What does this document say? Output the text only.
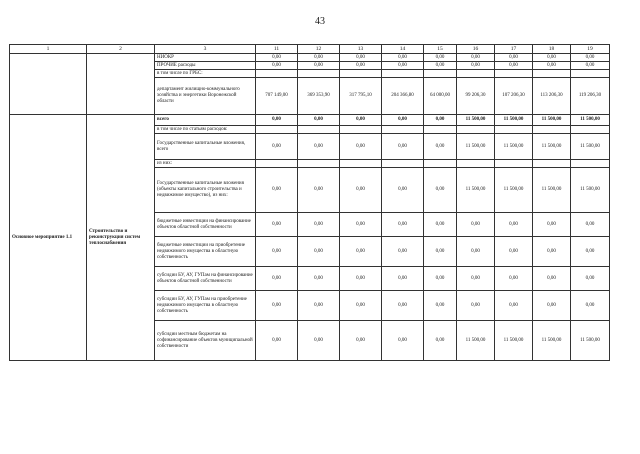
43
1	2	3	11	12	13	14	15	16	17	18	19
		НИОКР	0,00	0,00	0,00	0,00	0,00	0,00	0,00	0,00	0,00
		ПРОЧИЕ расходы	0,00	0,00	0,00	0,00	0,00	0,00	0,00	0,00	0,00
		в том числе по ГРБС:									
		департамент жилищно-коммунального хозяйства и энергетики Воронежской области	707 149,00	369 353,90	317 795,10	204 366,80	64 000,00	99 206,30	107 206,30	113 206,30	119 206,30
Основное мероприятие 1.1	Строительство и реконструкция систем теплоснабжения	всего	0,00	0,00	0,00	0,00	0,00	11 500,00	11 500,00	11 500,00	11 500,00
		в том числе по статьям расходов:									
		Государственные капитальные вложения, всего	0,00	0,00	0,00	0,00	0,00	11 500,00	11 500,00	11 500,00	11 500,00
		из них:									
		Государственные капитальные вложения (объекты капитального строительства и недвижимое имущество), из них:	0,00	0,00	0,00	0,00	0,00	11 500,00	11 500,00	11 500,00	11 500,00
		бюджетные инвестиции на финансирование объектов областной собственности	0,00	0,00	0,00	0,00	0,00	0,00	0,00	0,00	0,00
		бюджетные инвестиции на приобретение недвижимого имущества в областную собственность	0,00	0,00	0,00	0,00	0,00	0,00	0,00	0,00	0,00
		субсидии БУ, АУ, ГУПам на финансирование объектов областной собственности	0,00	0,00	0,00	0,00	0,00	0,00	0,00	0,00	0,00
		субсидии БУ, АУ, ГУПам на приобретение недвижимого имущества в областную собственность	0,00	0,00	0,00	0,00	0,00	0,00	0,00	0,00	0,00
		субсидии местным бюджетам на софинансирование объектов муниципальной собственности	0,00	0,00	0,00	0,00	0,00	11 500,00	11 500,00	11 500,00	11 500,00
